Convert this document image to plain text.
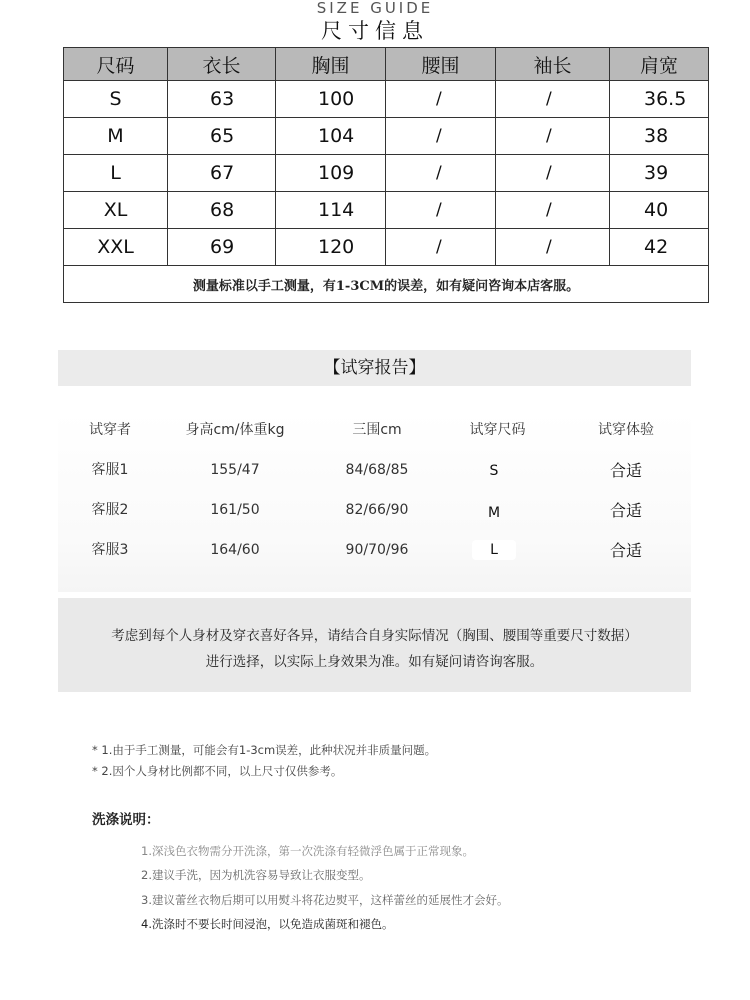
SIZE GUIDE
尺寸信息
尺码	衣长	胸围	腰围	袖长	肩宽
S	63	100	/	/	36.5
M	65	104	/	/	38
L	67	109	/	/	39
XL	68	114	/	/	40
XXL	69	120	/	/	42
测量标准以手工测量，有1-3CM的误差，如有疑问咨询本店客服。					
【试穿报告】
试穿者	身高cm/体重kg	三围cm	试穿尺码	试穿体验
客服1	155/47	84/68/85	S	合适
客服2	161/50	82/66/90	M	合适
客服3	164/60	90/70/96	L	合适
考虑到每个人身材及穿衣喜好各异，请结合自身实际情况（胸围、腰围等重要尺寸数据）
进行选择，以实际上身效果为准。如有疑问请咨询客服。
* 1.由于手工测量，可能会有1-3cm误差，此种状况并非质量问题。
* 2.因个人身材比例都不同，以上尺寸仅供参考。
洗涤说明：
1.深浅色衣物需分开洗涤，第一次洗涤有轻微浮色属于正常现象。
2.建议手洗，因为机洗容易导致让衣服变型。
3.建议蕾丝衣物后期可以用熨斗将花边熨平，这样蕾丝的延展性才会好。
4.洗涤时不要长时间浸泡，以免造成菌斑和褪色。
